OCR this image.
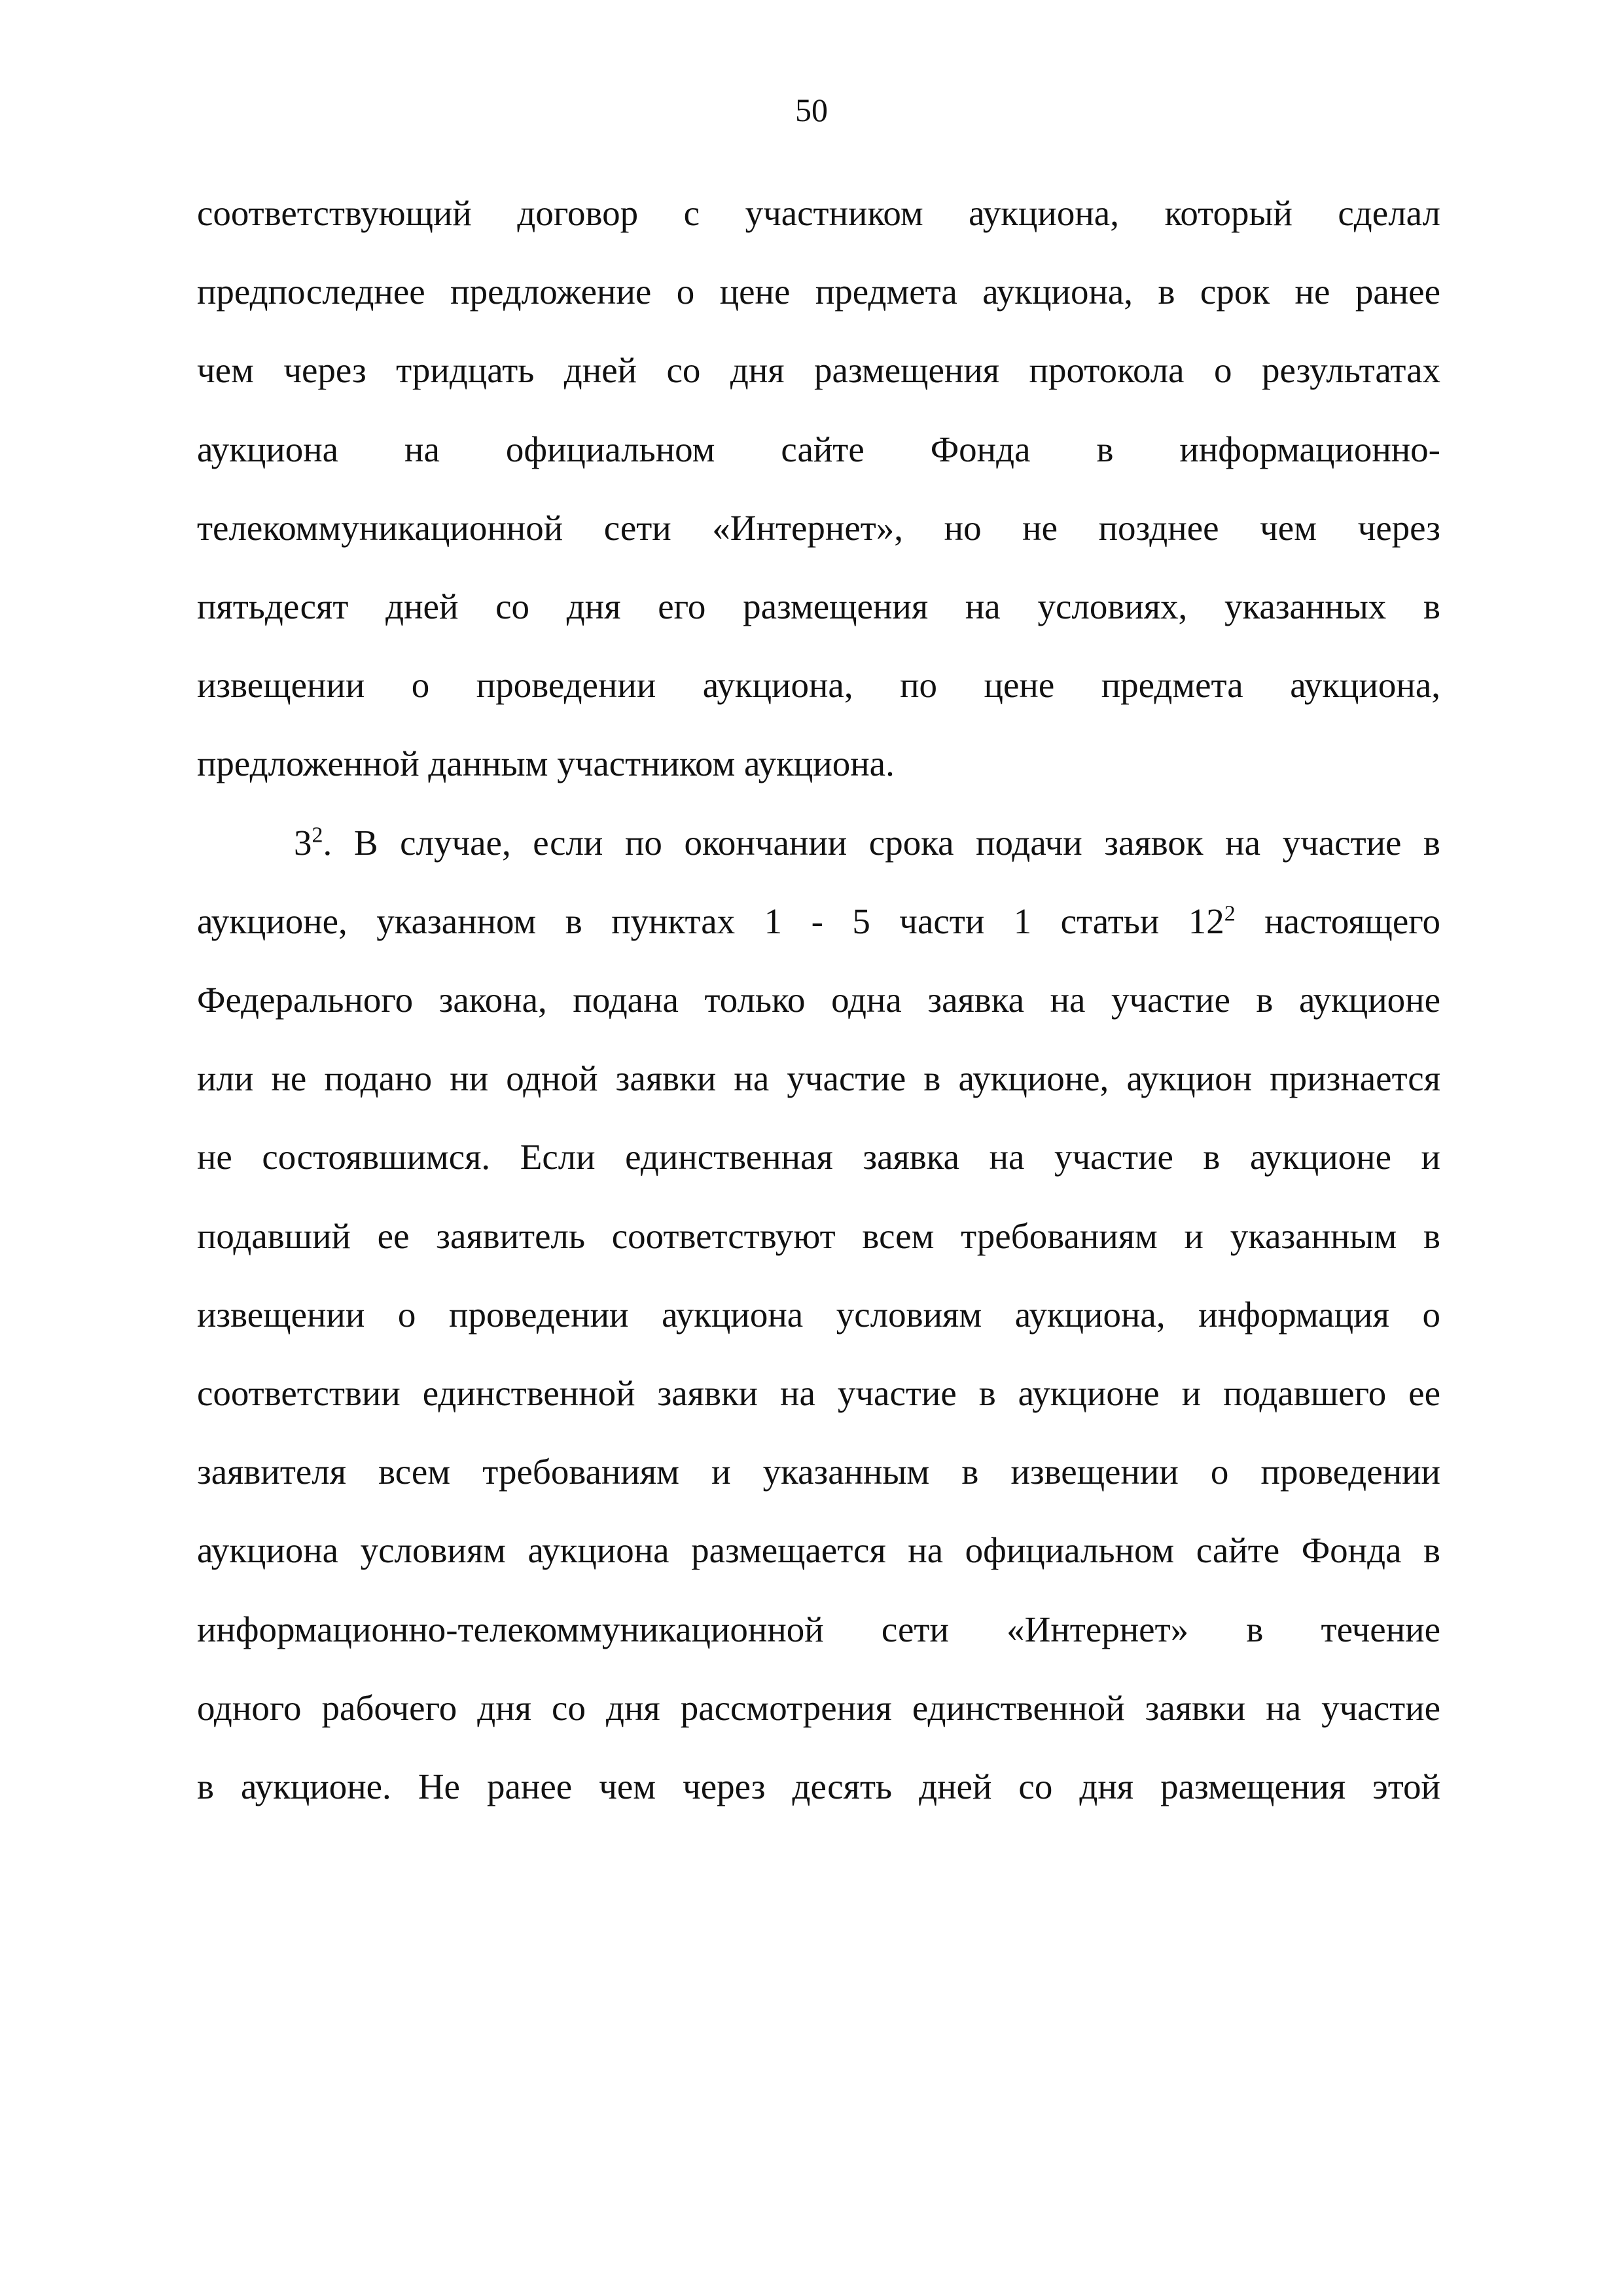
50
соответствующий договор с участником аукциона, который сделал
предпоследнее предложение о цене предмета аукциона, в срок не ранее
чем через тридцать дней со дня размещения протокола о результатах
аукциона на официальном сайте Фонда в информационно-
телекоммуникационной сети «Интернет», но не позднее чем через
пятьдесят дней со дня его размещения на условиях, указанных в
извещении о проведении аукциона, по цене предмета аукциона,
предложенной данным участником аукциона.
$3^2$. В случае, если по окончании срока подачи заявок на участие в
аукционе, указанном в пунктах 1 - 5 части 1 статьи $12^2$ настоящего
Федерального закона, подана только одна заявка на участие в аукционе
или не подано ни одной заявки на участие в аукционе, аукцион признается
не состоявшимся. Если единственная заявка на участие в аукционе и
подавший ее заявитель соответствуют всем требованиям и указанным в
извещении о проведении аукциона условиям аукциона, информация о
соответствии единственной заявки на участие в аукционе и подавшего ее
заявителя всем требованиям и указанным в извещении о проведении
аукциона условиям аукциона размещается на официальном сайте Фонда в
информационно-телекоммуникационной сети «Интернет» в течение
одного рабочего дня со дня рассмотрения единственной заявки на участие
в аукционе. Не ранее чем через десять дней со дня размещения этой
